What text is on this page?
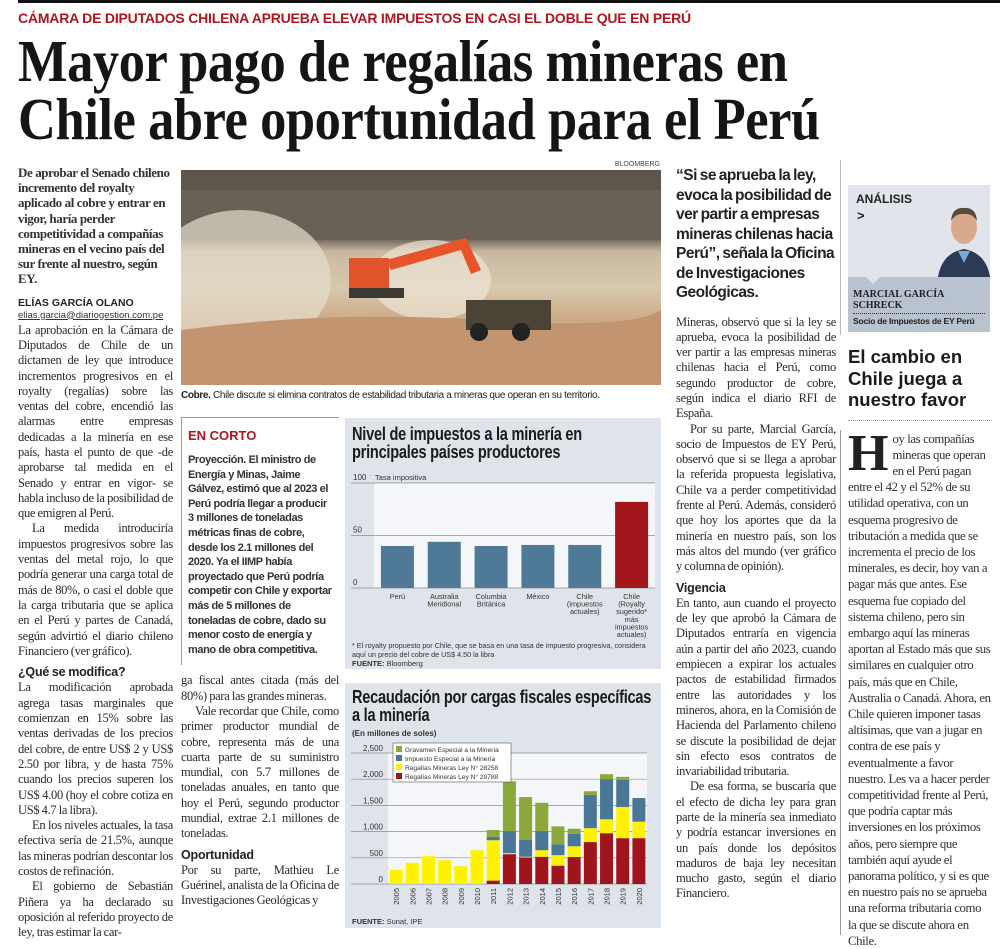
CÁMARA DE DIPUTADOS CHILENA APRUEBA ELEVAR IMPUESTOS EN CASI EL DOBLE QUE EN PERÚ
Mayor pago de regalías mineras en
Chile abre oportunidad para el Perú
De aprobar el Senado chileno incremento del royalty aplicado al cobre y entrar en vigor, haría perder competitividad a compañías mineras en el vecino país del sur frente al nuestro, según EY.
ELÍAS GARCÍA OLANO
elias.garcia@diariogestion.com.pe

La aprobación en la Cámara de Diputados de Chile de un dictamen de ley que introduce incrementos progresivos en el royalty (regalías) sobre las ventas del cobre, encendió las alarmas entre empresas dedicadas a la minería en ese país, hasta el punto de que -de aprobarse tal medida en el Senado y entrar en vigor- se habla incluso de la posibilidad de que emigren al Perú.

La medida introduciría impuestos progresivos sobre las ventas del metal rojo, lo que podría generar una carga total de más de 80%, o casi el doble que la carga tributaria que se aplica en el Perú y partes de Canadá, según advirtió el diario chileno Financiero (ver gráfico).

¿Qué se modifica?

La modificación aprobada agrega tasas marginales que comienzan en 15% sobre las ventas derivadas de los precios del cobre, de entre US$ 2 y US$ 2.50 por libra, y de hasta 75% cuando los precios superen los US$ 4.00 (hoy el cobre cotiza en US$ 4.7 la libra).

En los niveles actuales, la tasa efectiva sería de 21.5%, aunque las mineras podrían descontar los costos de refinación.

El gobierno de Sebastián Piñera ya ha declarado su oposición al referido proyecto de ley, tras estimar la car-

BLOOMBERG
Cobre. Chile discute si elimina contratos de estabilidad tributaria a mineras que operan en su territorio.
EN CORTO

Proyección. El ministro de Energía y Minas, Jaime Gálvez, estimó que al 2023 el Perú podría llegar a producir 3 millones de toneladas métricas finas de cobre, desde los 2.1 millones del 2020. Ya el IIMP había proyectado que Perú podría competir con Chile y exportar más de 5 millones de toneladas de cobre, dado su menor costo de energía y mano de obra competitiva.

ga fiscal antes citada (más del 80%) para las grandes mineras.

Vale recordar que Chile, como primer productor mundial de cobre, representa más de una cuarta parte de su suministro mundial, con 5.7 millones de toneladas anuales, en tanto que hoy el Perú, segundo productor mundial, extrae 2.1 millones de toneladas.

Oportunidad

Por su parte, Mathieu Le Guérinel, analista de la Oficina de Investigaciones Geológicas y

Nivel de impuestos a la minería en principales países productores
0
50
100 Tasa impositiva
Perú	Australia Meridional
Columbia Británica
México	Chile (impuestos actuales)
Chile (Royalty sugerido* más impuestos actuales)
* El royalty propuesto por Chile, que se basa en una tasa de impuesto progresiva, considera aquí un precio del cobre de US$ 4.50 la libra
FUENTE: Bloomberg
Recaudación por cargas fiscales específicas a la minería
(En millones de soles)
0
500
1,000
1,500
2,000
2,500
2005 2006 2007 2008 2009 2010 2011 2012 2013 2014 2015 2016 2017 2018 2019 2020
Gravamen Especial a la Minería
Impuesto Especial a la Minería
Regalías Mineras Ley N° 28258
Regalías Mineras Ley N° 29788
FUENTE: Sunat, IPE
“Si se aprueba la ley, evoca la posibilidad de ver partir a empresas mineras chilenas hacia Perú”, señala la Oficina de Investigaciones Geológicas.

Mineras, observó que si la ley se aprueba, evoca la posibilidad de ver partir a las empresas mineras chilenas hacia el Perú, como segundo productor de cobre, según indica el diario RFI de España.

Por su parte, Marcial García, socio de Impuestos de EY Perú, observó que si se llega a aprobar la referida propuesta legislativa, Chile va a perder competitividad frente al Perú. Además, consideró que hoy los aportes que da la minería en nuestro país, son los más altos del mundo (ver gráfico y columna de opinión).

Vigencia

En tanto, aun cuando el proyecto de ley que aprobó la Cámara de Diputados entraría en vigencia aún a partir del año 2023, cuando empiecen a expirar los actuales pactos de estabilidad firmados entre las autoridades y los mineros, ahora, en la Comisión de Hacienda del Parlamento chileno se discute la posibilidad de dejar sin efecto esos contratos de invariabilidad tributaria.

De esa forma, se buscaría que el efecto de dicha ley para gran parte de la minería sea inmediato y podría estancar inversiones en un país donde los depósitos maduros de baja ley necesitan mucho gasto, según el diario Financiero.

ANÁLISIS
>
MARCIAL GARCÍA SCHRECK
Socio de Impuestos de EY Perú
El cambio en Chile juega a nuestro favor
Hoy las compañías mineras que operan en el Perú pagan entre el 42 y el 52% de su utilidad operativa, con un esquema progresivo de tributación a medida que se incrementa el precio de los minerales, es decir, hoy van a pagar más que antes. Ese esquema fue copiado del sistema chileno, pero sin embargo aquí las mineras aportan al Estado más que sus similares en cualquier otro país, más que en Chile, Australia o Canadá. Ahora, en Chile quieren imponer tasas altísimas, que van a jugar en contra de ese país y eventualmente a favor nuestro. Les va a hacer perder competitividad frente al Perú, que podría captar más inversiones en los próximos años, pero siempre que también aquí ayude el panorama político, y si es que en nuestro país no se aprueba una reforma tributaria como la que se discute ahora en Chile.
